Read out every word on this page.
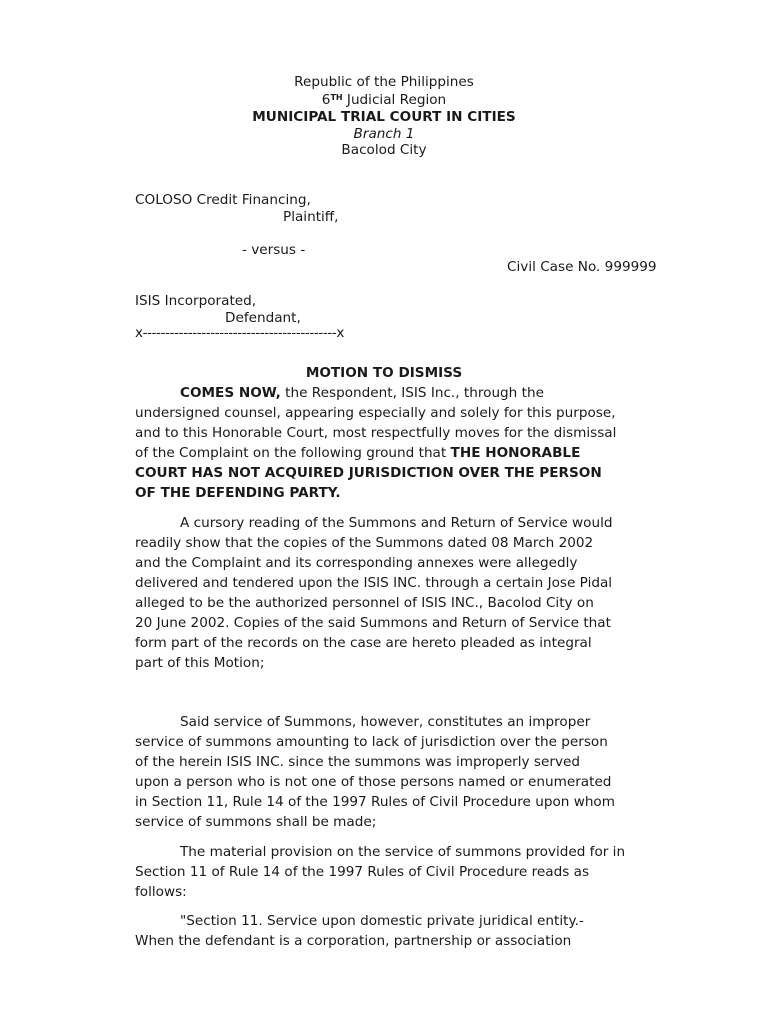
Republic of the Philippines
6TH Judicial Region
MUNICIPAL TRIAL COURT IN CITIES
Branch 1
Bacolod City
COLOSO Credit Financing,
Plaintiff,
- versus -
Civil Case No. 999999
ISIS Incorporated,
Defendant,
x-------------------------------------------x
MOTION TO DISMISS
COMES NOW, the Respondent, ISIS Inc., through the
undersigned counsel, appearing especially and solely for this purpose,
and to this Honorable Court, most respectfully moves for the dismissal
of the Complaint on the following ground that THE HONORABLE
COURT HAS NOT ACQUIRED JURISDICTION OVER THE PERSON
OF THE DEFENDING PARTY.
A cursory reading of the Summons and Return of Service would
readily show that the copies of the Summons dated 08 March 2002
and the Complaint and its corresponding annexes were allegedly
delivered and tendered upon the ISIS INC. through a certain Jose Pidal
alleged to be the authorized personnel of ISIS INC., Bacolod City on
20 June 2002. Copies of the said Summons and Return of Service that
form part of the records on the case are hereto pleaded as integral
part of this Motion;
Said service of Summons, however, constitutes an improper
service of summons amounting to lack of jurisdiction over the person
of the herein ISIS INC. since the summons was improperly served
upon a person who is not one of those persons named or enumerated
in Section 11, Rule 14 of the 1997 Rules of Civil Procedure upon whom
service of summons shall be made;
The material provision on the service of summons provided for in
Section 11 of Rule 14 of the 1997 Rules of Civil Procedure reads as
follows:
"Section 11. Service upon domestic private juridical entity.-
When the defendant is a corporation, partnership or association
